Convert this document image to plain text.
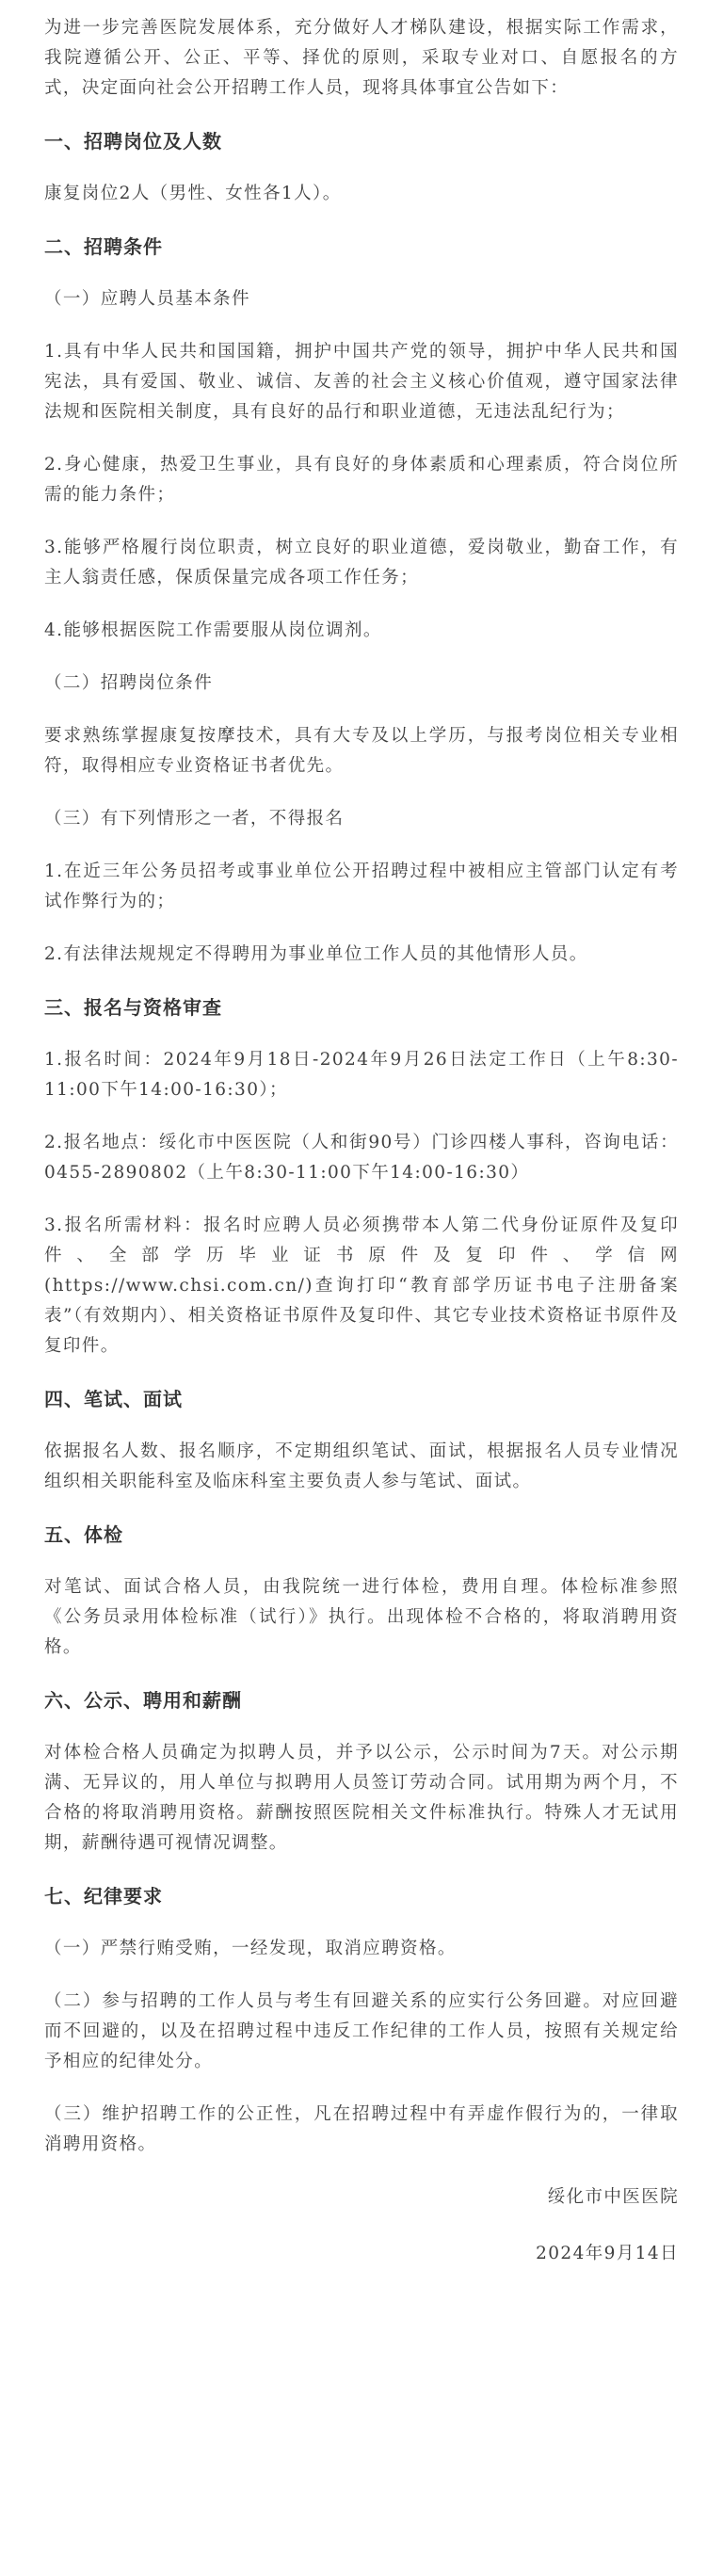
为进一步完善医院发展体系，充分做好人才梯队建设，根据实际工作需求，我院遵循公开、公正、平等、择优的原则，采取专业对口、自愿报名的方式，决定面向社会公开招聘工作人员，现将具体事宜公告如下：

一、招聘岗位及人数

康复岗位2人（男性、女性各1人）。

二、招聘条件
（一）应聘人员基本条件

1.具有中华人民共和国国籍，拥护中国共产党的领导，拥护中华人民共和国宪法，具有爱国、敬业、诚信、友善的社会主义核心价值观，遵守国家法律法规和医院相关制度，具有良好的品行和职业道德，无违法乱纪行为；

2.身心健康，热爱卫生事业，具有良好的身体素质和心理素质，符合岗位所需的能力条件；

3.能够严格履行岗位职责，树立良好的职业道德，爱岗敬业，勤奋工作，有主人翁责任感，保质保量完成各项工作任务；

4.能够根据医院工作需要服从岗位调剂。

（二）招聘岗位条件

要求熟练掌握康复按摩技术，具有大专及以上学历，与报考岗位相关专业相符，取得相应专业资格证书者优先。

（三）有下列情形之一者，不得报名

1.在近三年公务员招考或事业单位公开招聘过程中被相应主管部门认定有考试作弊行为的；

2.有法律法规规定不得聘用为事业单位工作人员的其他情形人员。

三、报名与资格审查

1.报名时间：2024年9月18日-2024年9月26日法定工作日（上午8:30-11:00下午14:00-16:30）；

2.报名地点：绥化市中医医院（人和街90号）门诊四楼人事科，咨询电话：0455-2890802（上午8:30-11:00下午14:00-16:30）

3.报名所需材料：报名时应聘人员必须携带本人第二代身份证原件及复印件、全部学历毕业证书原件及复印件、学信网(https://www.chsi.com.cn/)查询打印“教育部学历证书电子注册备案表”（有效期内）、相关资格证书原件及复印件、其它专业技术资格证书原件及复印件。

四、笔试、面试

依据报名人数、报名顺序，不定期组织笔试、面试，根据报名人员专业情况组织相关职能科室及临床科室主要负责人参与笔试、面试。

五、体检

对笔试、面试合格人员，由我院统一进行体检，费用自理。体检标准参照《公务员录用体检标准（试行）》执行。出现体检不合格的，将取消聘用资格。

六、公示、聘用和薪酬

对体检合格人员确定为拟聘人员，并予以公示，公示时间为7天。对公示期满、无异议的，用人单位与拟聘用人员签订劳动合同。试用期为两个月，不合格的将取消聘用资格。薪酬按照医院相关文件标准执行。特殊人才无试用期，薪酬待遇可视情况调整。

七、纪律要求

（一）严禁行贿受贿，一经发现，取消应聘资格。

（二）参与招聘的工作人员与考生有回避关系的应实行公务回避。对应回避而不回避的，以及在招聘过程中违反工作纪律的工作人员，按照有关规定给予相应的纪律处分。

（三）维护招聘工作的公正性，凡在招聘过程中有弄虚作假行为的，一律取消聘用资格。

绥化市中医医院
2024年9月14日
